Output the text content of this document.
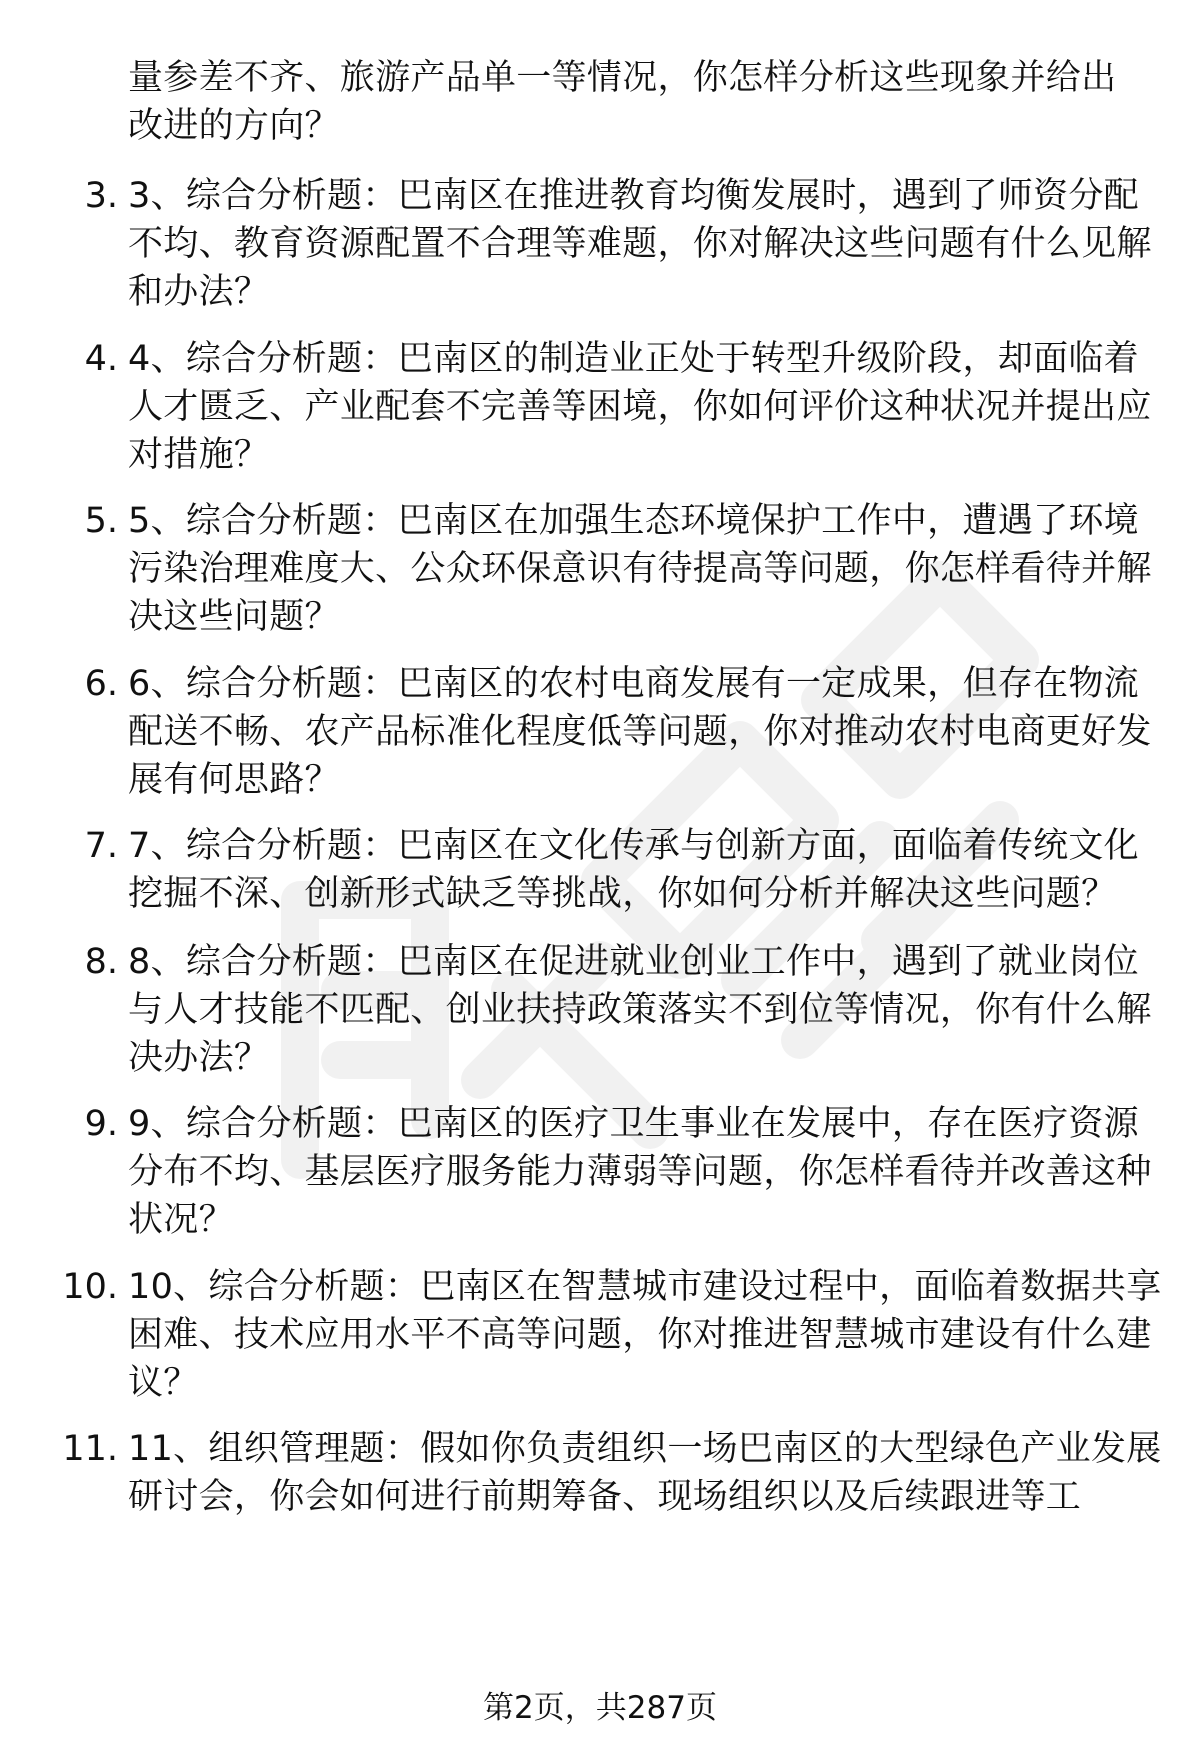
量参差不齐、旅游产品单一等情况，你怎样分析这些现象并给出
改进的方向？
3. 3、综合分析题：巴南区在推进教育均衡发展时，遇到了师资分配不均、教育资源配置不合理等难题，你对解决这些问题有什么见解和办法？
4. 4、综合分析题：巴南区的制造业正处于转型升级阶段，却面临着人才匮乏、产业配套不完善等困境，你如何评价这种状况并提出应对措施？
5. 5、综合分析题：巴南区在加强生态环境保护工作中，遭遇了环境污染治理难度大、公众环保意识有待提高等问题，你怎样看待并解决这些问题？
6. 6、综合分析题：巴南区的农村电商发展有一定成果，但存在物流配送不畅、农产品标准化程度低等问题，你对推动农村电商更好发展有何思路？
7. 7、综合分析题：巴南区在文化传承与创新方面，面临着传统文化挖掘不深、创新形式缺乏等挑战，你如何分析并解决这些问题？
8. 8、综合分析题：巴南区在促进就业创业工作中，遇到了就业岗位与人才技能不匹配、创业扶持政策落实不到位等情况，你有什么解决办法？
9. 9、综合分析题：巴南区的医疗卫生事业在发展中，存在医疗资源分布不均、基层医疗服务能力薄弱等问题，你怎样看待并改善这种状况？
10. 10、综合分析题：巴南区在智慧城市建设过程中，面临着数据共享困难、技术应用水平不高等问题，你对推进智慧城市建设有什么建议？
11. 11、组织管理题：假如你负责组织一场巴南区的大型绿色产业发展研讨会，你会如何进行前期筹备、现场组织以及后续跟进等工
第2页，共287页
